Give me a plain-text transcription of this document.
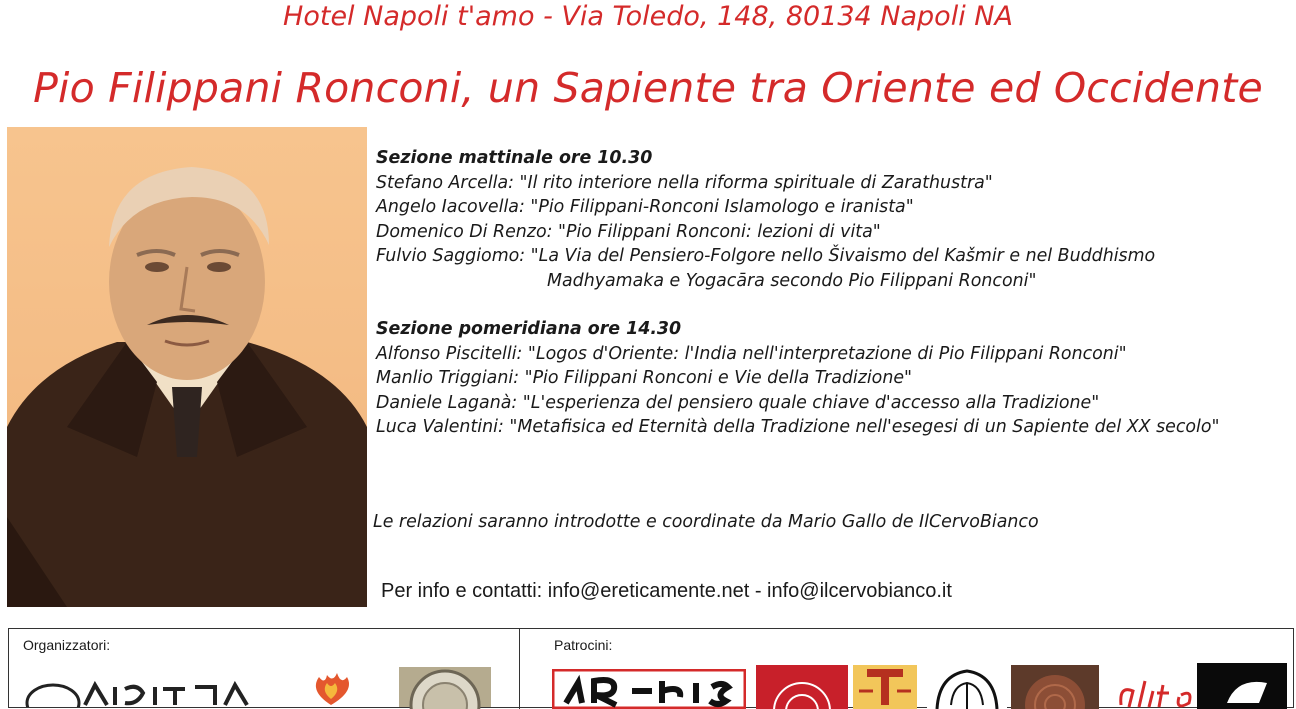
Hotel Napoli t'amo - Via Toledo, 148, 80134 Napoli NA
Pio Filippani Ronconi, un Sapiente tra Oriente ed Occidente

Sezione mattinale ore 10.30

Stefano Arcella: "Il rito interiore nella riforma spirituale di Zarathustra"

Angelo Iacovella: "Pio Filippani-Ronconi Islamologo e iranista"

Domenico Di Renzo: "Pio Filippani Ronconi: lezioni di vita"

Fulvio Saggiomo: "La Via del Pensiero-Folgore nello Šivaismo del Kašmir e nel Buddhismo

Madhyamaka e Yogacāra secondo Pio Filippani Ronconi"

Sezione pomeridiana ore 14.30

Alfonso Piscitelli: "Logos d'Oriente: l'India nell'interpretazione di Pio Filippani Ronconi"

Manlio Triggiani: "Pio Filippani Ronconi e Vie della Tradizione"

Daniele Laganà: "L'esperienza del pensiero quale chiave d'accesso alla Tradizione"

Luca Valentini: "Metafisica ed Eternità della Tradizione nell'esegesi di un Sapiente del XX secolo"

Le relazioni saranno introdotte e coordinate da Mario Gallo de IlCervoBianco
Per info e contatti: info@ereticamente.net - info@ilcervobianco.it
Organizzatori:	Patrocini:
